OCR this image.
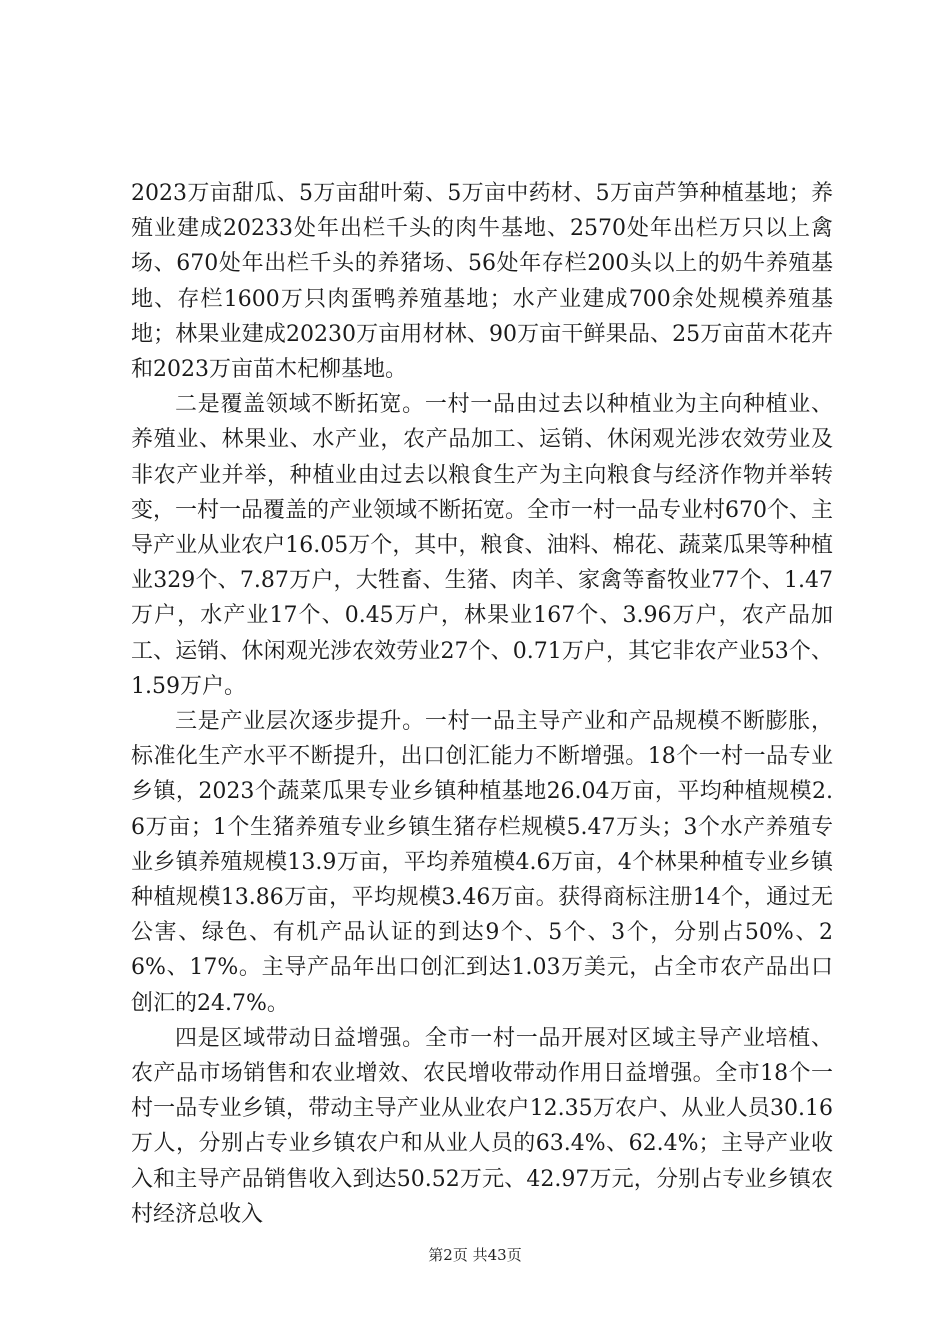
2023万亩甜瓜、5万亩甜叶菊、5万亩中药材、5万亩芦笋种植基地；养殖业建成20233处年出栏千头的肉牛基地、2570处年出栏万只以上禽场、670处年出栏千头的养猪场、56处年存栏200头以上的奶牛养殖基地、存栏1600万只肉蛋鸭养殖基地；水产业建成700余处规模养殖基地；林果业建成20230万亩用材林、90万亩干鲜果品、25万亩苗木花卉和2023万亩苗木杞柳基地。

二是覆盖领域不断拓宽。一村一品由过去以种植业为主向种植业、养殖业、林果业、水产业，农产品加工、运销、休闲观光涉农效劳业及非农产业并举，种植业由过去以粮食生产为主向粮食与经济作物并举转变，一村一品覆盖的产业领域不断拓宽。全市一村一品专业村670个、主导产业从业农户16.05万个，其中，粮食、油料、棉花、蔬菜瓜果等种植业329个、7.87万户，大牲畜、生猪、肉羊、家禽等畜牧业77个、1.47万户，水产业17个、0.45万户，林果业167个、3.96万户，农产品加工、运销、休闲观光涉农效劳业27个、0.71万户，其它非农产业53个、1.59万户。

三是产业层次逐步提升。一村一品主导产业和产品规模不断膨胀，标准化生产水平不断提升，出口创汇能力不断增强。18个一村一品专业乡镇，2023个蔬菜瓜果专业乡镇种植基地26.04万亩，平均种植规模2.6万亩；1个生猪养殖专业乡镇生猪存栏规模5.47万头；3个水产养殖专业乡镇养殖规模13.9万亩，平均养殖模4.6万亩，4个林果种植专业乡镇种植规模13.86万亩，平均规模3.46万亩。获得商标注册14个，通过无公害、绿色、有机产品认证的到达9个、5个、3个，分别占50%、26%、17%。主导产品年出口创汇到达1.03万美元，占全市农产品出口创汇的24.7%。

四是区域带动日益增强。全市一村一品开展对区域主导产业培植、农产品市场销售和农业增效、农民增收带动作用日益增强。全市18个一村一品专业乡镇，带动主导产业从业农户12.35万农户、从业人员30.16万人，分别占专业乡镇农户和从业人员的63.4%、62.4%；主导产业收入和主导产品销售收入到达50.52万元、42.97万元，分别占专业乡镇农村经济总收入

第2页 共43页
